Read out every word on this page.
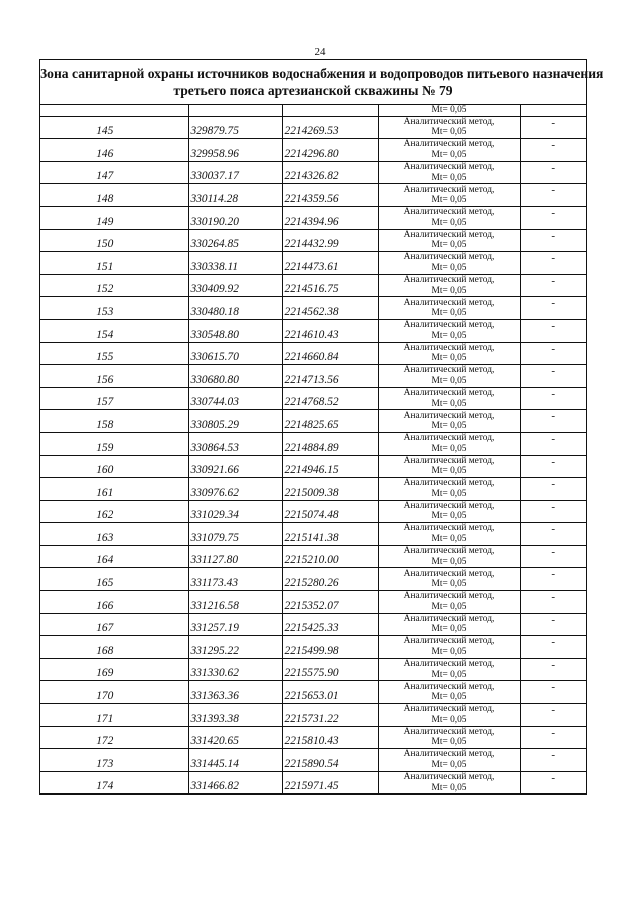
24
Зона санитарной охраны источников водоснабжения и водопроводов питьевого назначения
третьего пояса артезианской скважины № 79
			Mt= 0,05	
145	329879.75	2214269.53	Аналитический метод,
Mt= 0,05	-
146	329958.96	2214296.80	Аналитический метод,
Mt= 0,05	-
147	330037.17	2214326.82	Аналитический метод,
Mt= 0,05	-
148	330114.28	2214359.56	Аналитический метод,
Mt= 0,05	-
149	330190.20	2214394.96	Аналитический метод,
Mt= 0,05	-
150	330264.85	2214432.99	Аналитический метод,
Mt= 0,05	-
151	330338.11	2214473.61	Аналитический метод,
Mt= 0,05	-
152	330409.92	2214516.75	Аналитический метод,
Mt= 0,05	-
153	330480.18	2214562.38	Аналитический метод,
Mt= 0,05	-
154	330548.80	2214610.43	Аналитический метод,
Mt= 0,05	-
155	330615.70	2214660.84	Аналитический метод,
Mt= 0,05	-
156	330680.80	2214713.56	Аналитический метод,
Mt= 0,05	-
157	330744.03	2214768.52	Аналитический метод,
Mt= 0,05	-
158	330805.29	2214825.65	Аналитический метод,
Mt= 0,05	-
159	330864.53	2214884.89	Аналитический метод,
Mt= 0,05	-
160	330921.66	2214946.15	Аналитический метод,
Mt= 0,05	-
161	330976.62	2215009.38	Аналитический метод,
Mt= 0,05	-
162	331029.34	2215074.48	Аналитический метод,
Mt= 0,05	-
163	331079.75	2215141.38	Аналитический метод,
Mt= 0,05	-
164	331127.80	2215210.00	Аналитический метод,
Mt= 0,05	-
165	331173.43	2215280.26	Аналитический метод,
Mt= 0,05	-
166	331216.58	2215352.07	Аналитический метод,
Mt= 0,05	-
167	331257.19	2215425.33	Аналитический метод,
Mt= 0,05	-
168	331295.22	2215499.98	Аналитический метод,
Mt= 0,05	-
169	331330.62	2215575.90	Аналитический метод,
Mt= 0,05	-
170	331363.36	2215653.01	Аналитический метод,
Mt= 0,05	-
171	331393.38	2215731.22	Аналитический метод,
Mt= 0,05	-
172	331420.65	2215810.43	Аналитический метод,
Mt= 0,05	-
173	331445.14	2215890.54	Аналитический метод,
Mt= 0,05	-
174	331466.82	2215971.45	Аналитический метод,
Mt= 0,05	-
